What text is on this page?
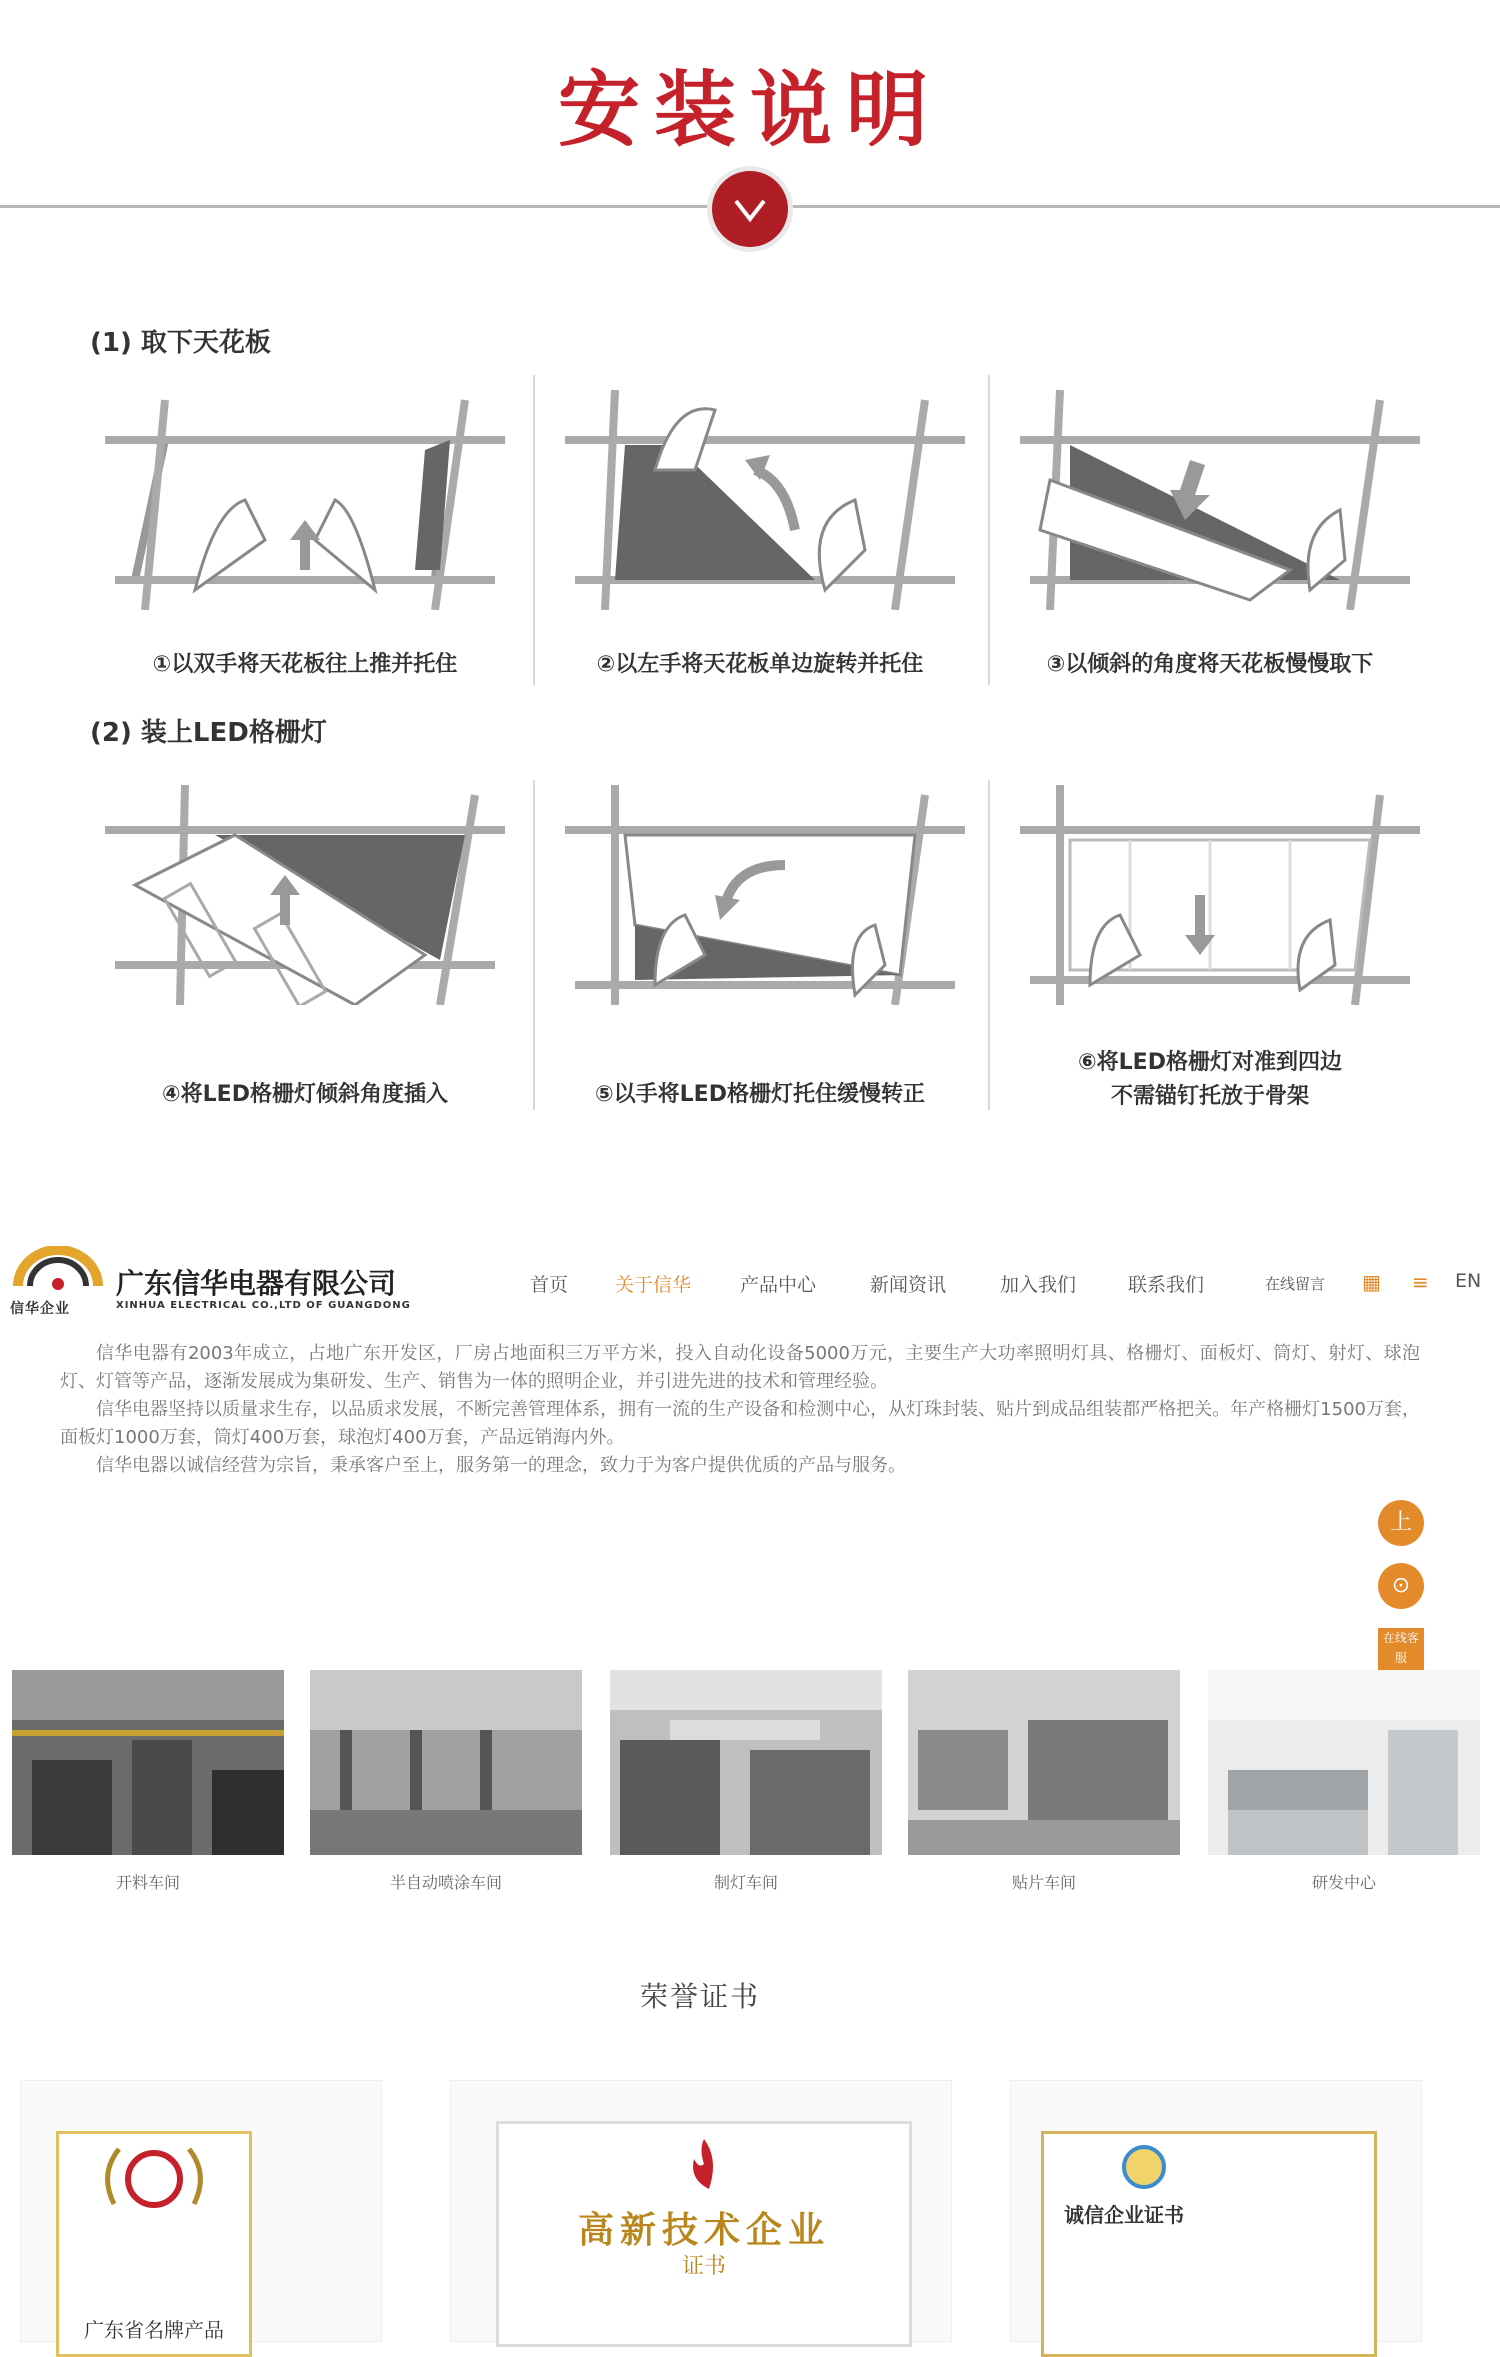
安装说明
(1) 取下天花板
①以双手将天花板往上推并托住	②以左手将天花板单边旋转并托住	③以倾斜的角度将天花板慢慢取下
(2) 装上LED格栅灯
④将LED格栅灯倾斜角度插入	⑤以手将LED格栅灯托住缓慢转正
⑥将LED格栅灯对准到四边
不需锚钉托放于骨架
广东信华电器有限公司
XINHUA ELECTRICAL CO.,LTD OF GUANGDONG
信华企业
首页 关于信华	产品中心	新闻资讯	加入我们	联系我们	在线留言 ▦ ≡ EN

信华电器有2003年成立，占地广东开发区，厂房占地面积三万平方米，投入自动化设备5000万元，主要生产大功率照明灯具、格栅灯、面板灯、筒灯、射灯、球泡灯、灯管等产品，逐渐发展成为集研发、生产、销售为一体的照明企业，并引进先进的技术和管理经验。

信华电器坚持以质量求生存，以品质求发展，不断完善管理体系，拥有一流的生产设备和检测中心，从灯珠封装、贴片到成品组装都严格把关。年产格栅灯1500万套，面板灯1000万套，筒灯400万套，球泡灯400万套，产品远销海内外。

信华电器以诚信经营为宗旨，秉承客户至上，服务第一的理念，致力于为客户提供优质的产品与服务。

上
⊙
在线客服
开料车间	半自动喷涂车间	制灯车间	贴片车间	研发中心
荣誉证书
广东省名牌产品
高新技术企业
证书
诚信企业证书
